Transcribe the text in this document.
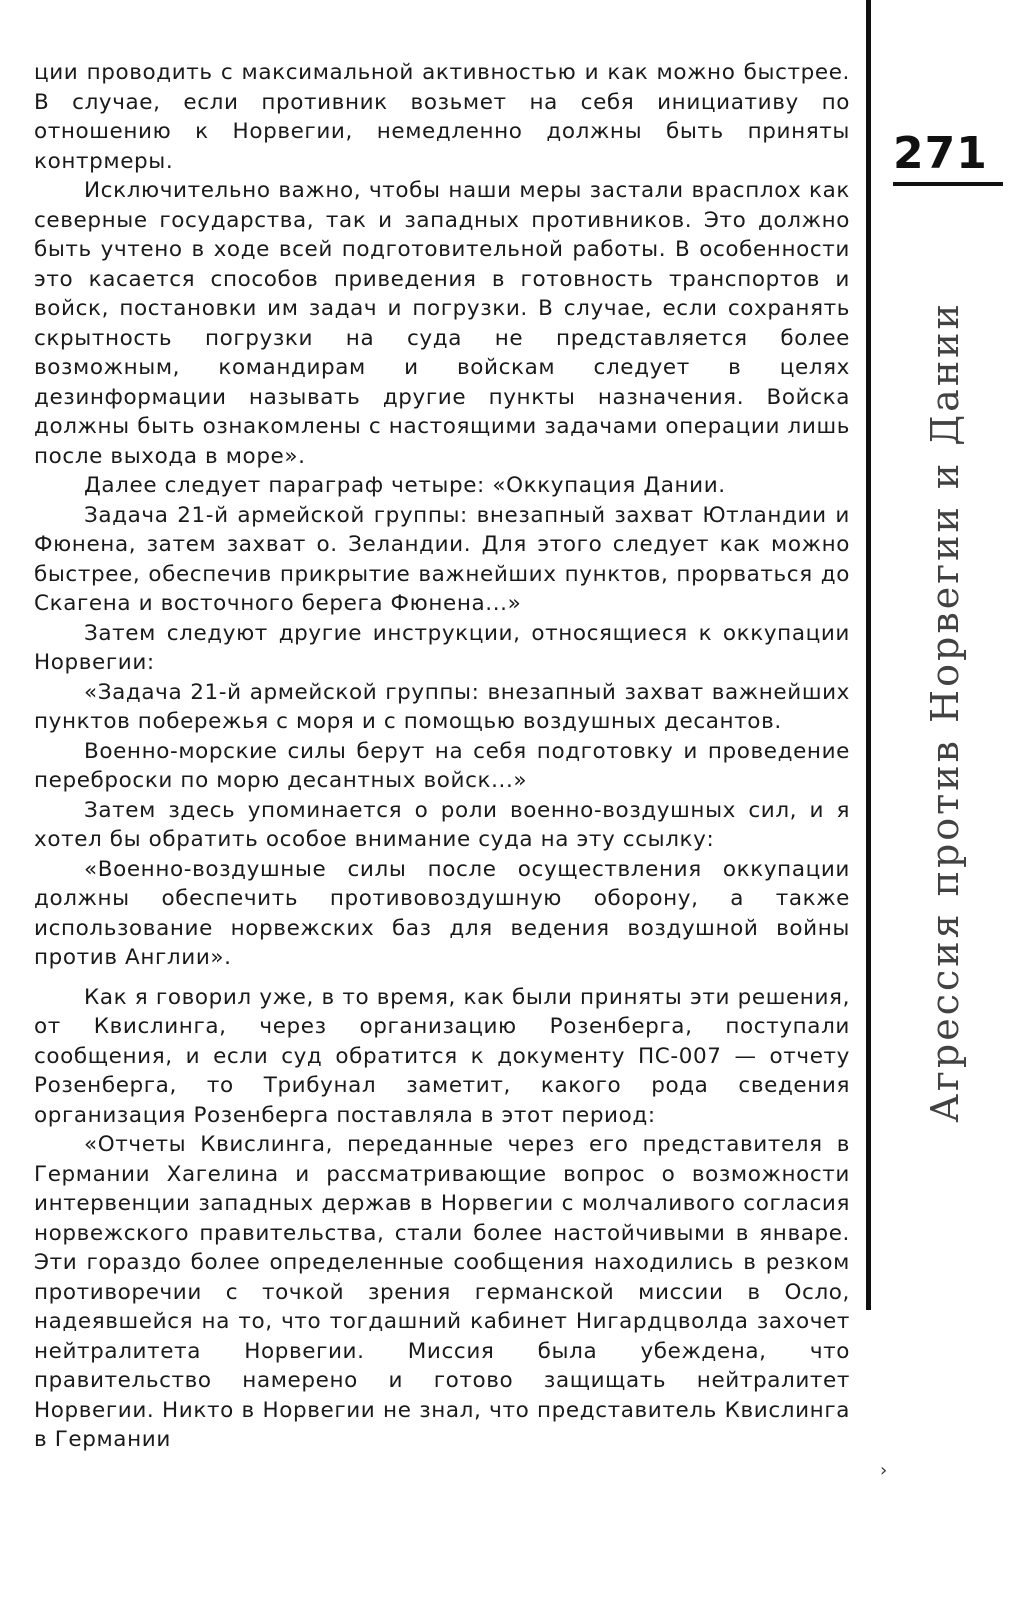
ции проводить с максимальной активностью и как можно быстрее. В случае, если противник возьмет на себя инициативу по отношению к Норвегии, немедленно должны быть приняты контрмеры.

Исключительно важно, чтобы наши меры застали врасплох как северные государства, так и западных противников. Это должно быть учтено в ходе всей подготовительной работы. В особенности это касается способов приведения в готовность транспортов и войск, постановки им задач и погрузки. В случае, если сохранять скрытность погрузки на суда не представляется более возможным, командирам и войскам следует в целях дезинформации называть другие пункты назначения. Войска должны быть ознакомлены с настоящими задачами операции лишь после выхода в море».

Далее следует параграф четыре: «Оккупация Дании.

Задача 21-й армейской группы: внезапный захват Ютландии и Фюнена, затем захват о. Зеландии. Для этого следует как можно быстрее, обеспечив прикрытие важнейших пунктов, прорваться до Скагена и восточного берега Фюнена...»

Затем следуют другие инструкции, относящиеся к оккупации Норвегии:

«Задача 21-й армейской группы: внезапный захват важнейших пунктов побережья с моря и с помощью воздушных десантов.

Военно-морские силы берут на себя подготовку и проведение переброски по морю десантных войск...»

Затем здесь упоминается о роли военно-воздушных сил, и я хотел бы обратить особое внимание суда на эту ссылку:

«Военно-воздушные силы после осуществления оккупации должны обеспечить противовоздушную оборону, а также использование норвежских баз для ведения воздушной войны против Англии».

Как я говорил уже, в то время, как были приняты эти решения, от Квислинга, через организацию Розенберга, поступали сообщения, и если суд обратится к документу ПС-007 — отчету Розенберга, то Трибунал заметит, какого рода сведения организация Розенберга поставляла в этот период:

«Отчеты Квислинга, переданные через его представителя в Германии Хагелина и рассматривающие вопрос о возможности интервенции западных держав в Норвегии с молчаливого согласия норвежского правительства, стали более настойчивыми в январе. Эти гораздо более определенные сообщения находились в резком противоречии с точкой зрения германской миссии в Осло, надеявшейся на то, что тогдашний кабинет Нигардцволда захочет нейтралитета Норвегии. Миссия была убеждена, что правительство намерено и готово защищать нейтралитет Норвегии. Никто в Норвегии не знал, что представитель Квислинга в Германии

271
Агрессия против Норвегии и Дании
›
